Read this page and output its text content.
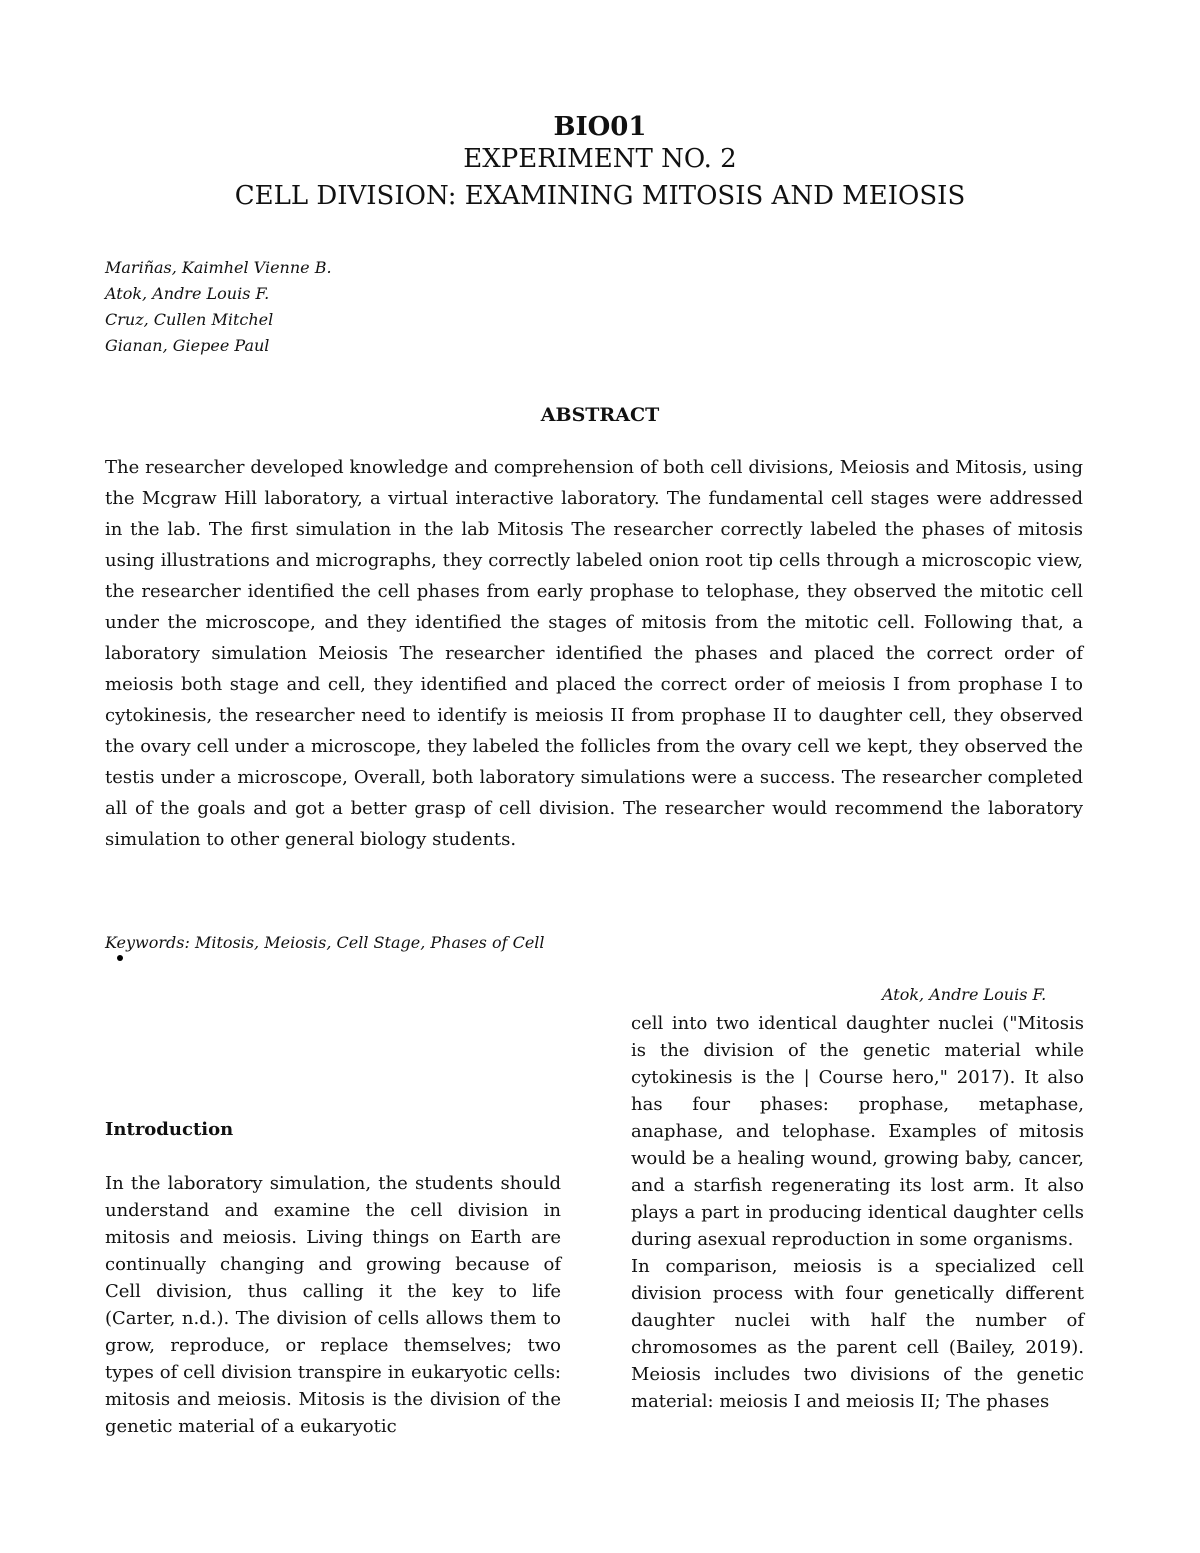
BIO01
EXPERIMENT NO. 2
CELL DIVISION: EXAMINING MITOSIS AND MEIOSIS
Mariñas, Kaimhel Vienne B.
Atok, Andre Louis F.
Cruz, Cullen Mitchel
Gianan, Giepee Paul
ABSTRACT
The researcher developed knowledge and comprehension of both cell divisions, Meiosis and Mitosis, using the Mcgraw Hill laboratory, a virtual interactive laboratory. The fundamental cell stages were addressed in the lab. The first simulation in the lab Mitosis The researcher correctly labeled the phases of mitosis using illustrations and micrographs, they correctly labeled onion root tip cells through a microscopic view, the researcher identified the cell phases from early prophase to telophase, they observed the mitotic cell under the microscope, and they identified the stages of mitosis from the mitotic cell. Following that, a laboratory simulation Meiosis The researcher identified the phases and placed the correct order of meiosis both stage and cell, they identified and placed the correct order of meiosis I from prophase I to cytokinesis, the researcher need to identify is meiosis II from prophase II to daughter cell, they observed the ovary cell under a microscope, they labeled the follicles from the ovary cell we kept, they observed the testis under a microscope, Overall, both laboratory simulations were a success. The researcher completed all of the goals and got a better grasp of cell division. The researcher would recommend the laboratory simulation to other general biology students.
Keywords: Mitosis, Meiosis, Cell Stage, Phases of Cell
Atok, Andre Louis F.
Introduction

In the laboratory simulation, the students should understand and examine the cell division in mitosis and meiosis. Living things on Earth are continually changing and growing because of Cell division, thus calling it the key to life (Carter, n.d.). The division of cells allows them to grow, reproduce, or replace themselves; two types of cell division transpire in eukaryotic cells: mitosis and meiosis. Mitosis is the division of the genetic material of a eukaryotic

cell into two identical daughter nuclei ("Mitosis is the division of the genetic material while cytokinesis is the | Course hero," 2017). It also has four phases: prophase, metaphase, anaphase, and telophase. Examples of mitosis would be a healing wound, growing baby, cancer, and a starfish regenerating its lost arm. It also plays a part in producing identical daughter cells during asexual reproduction in some organisms.

In comparison, meiosis is a specialized cell division process with four genetically different daughter nuclei with half the number of chromosomes as the parent cell (Bailey, 2019). Meiosis includes two divisions of the genetic material: meiosis I and meiosis II; The phases
